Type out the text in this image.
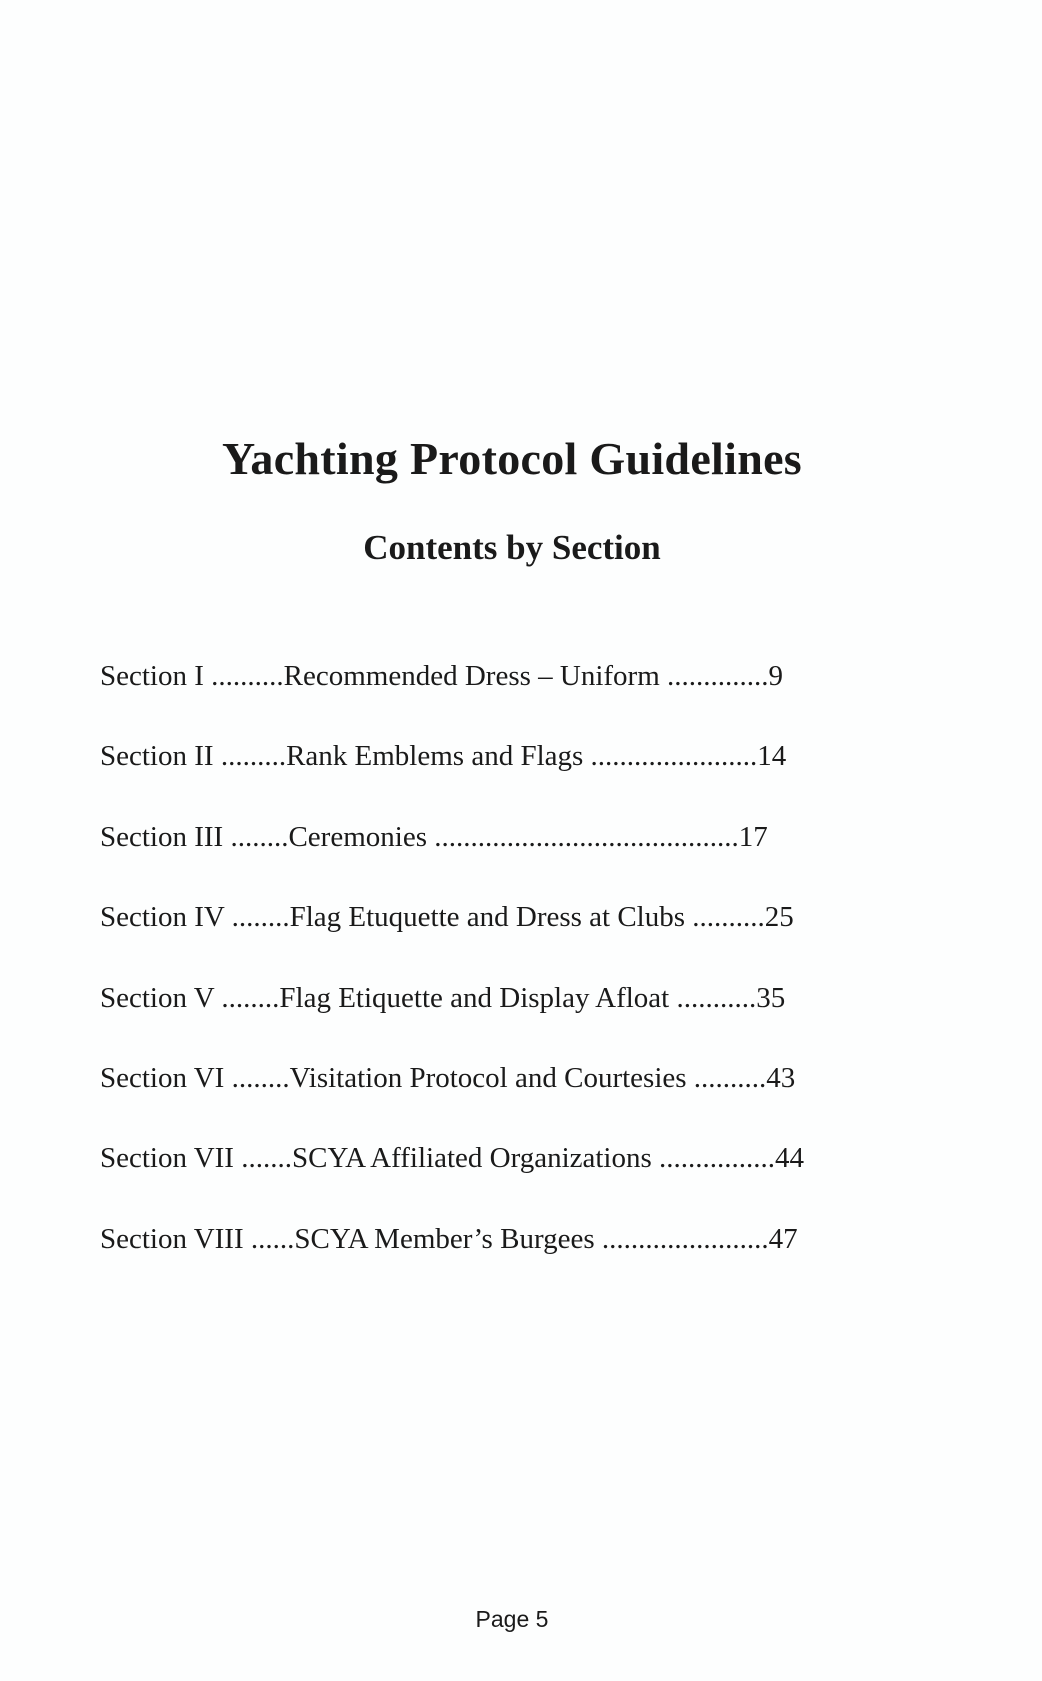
Yachting Protocol Guidelines
Contents by Section
Section I ..........Recommended Dress – Uniform ..............9
Section II .........Rank Emblems and Flags .......................14
Section III ........Ceremonies ..........................................17
Section IV ........Flag Etuquette and Dress at Clubs ..........25
Section V ........Flag Etiquette and Display Afloat ...........35
Section VI ........Visitation Protocol and Courtesies ..........43
Section VII .......SCYA Affiliated Organizations ................44
Section VIII ......SCYA Member’s Burgees .......................47
Page 5
